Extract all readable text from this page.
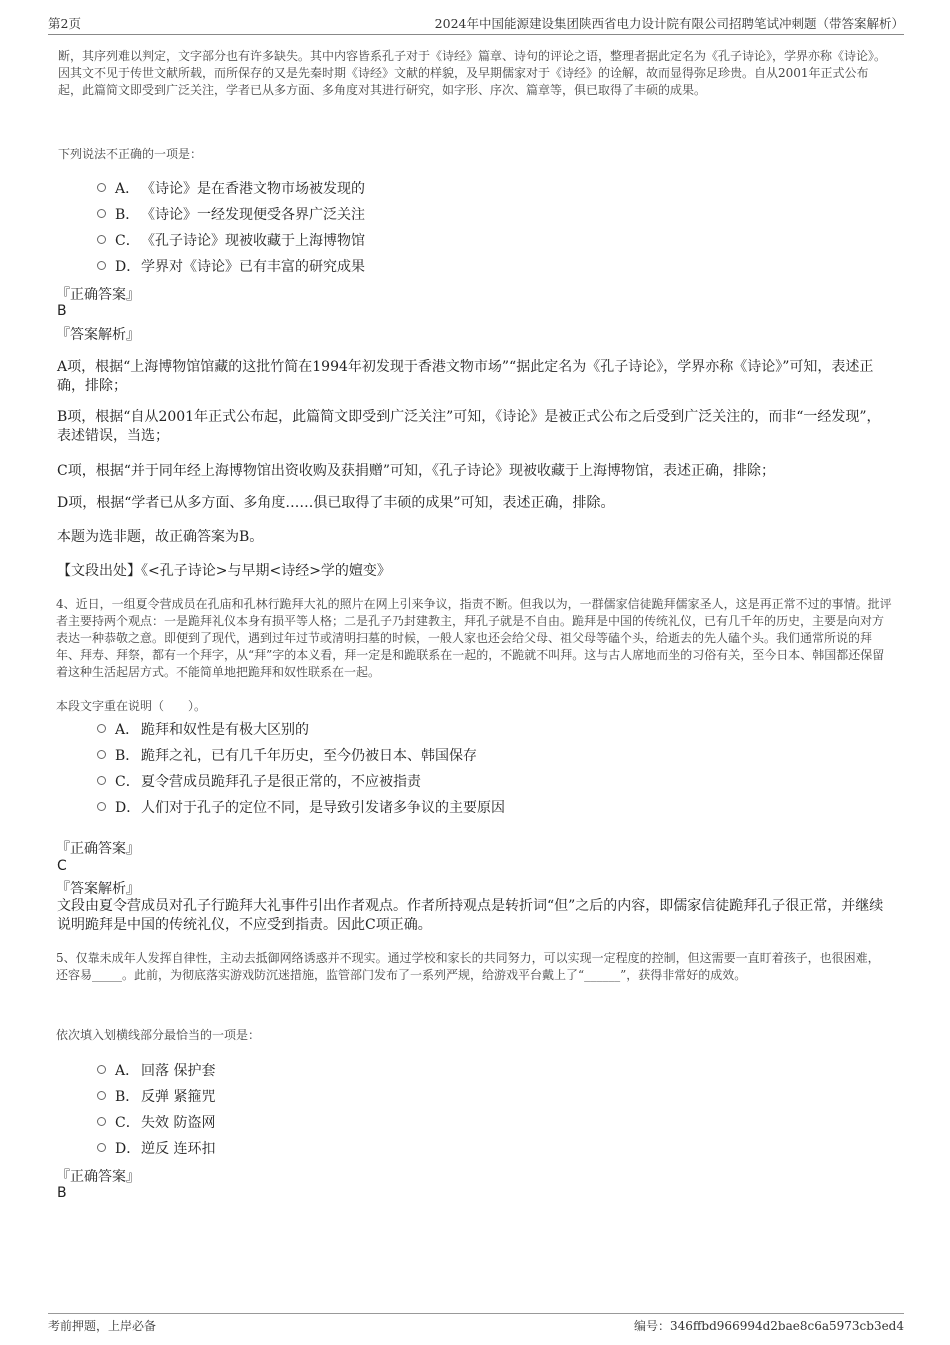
第2页	2024年中国能源建设集团陕西省电力设计院有限公司招聘笔试冲刺题（带答案解析）
断，其序列难以判定，文字部分也有许多缺失。其中内容皆系孔子对于《诗经》篇章、诗句的评论之语，整理者据此定名为《孔子诗论》，学界亦称《诗论》。因其文不见于传世文献所载，而所保存的又是先秦时期《诗经》文献的样貌，及早期儒家对于《诗经》的诠解，故而显得弥足珍贵。自从2001年正式公布起，此篇简文即受到广泛关注，学者已从多方面、多角度对其进行研究，如字形、序次、篇章等，俱已取得了丰硕的成果。
下列说法不正确的一项是：
A． 《诗论》是在香港文物市场被发现的
B． 《诗论》一经发现便受各界广泛关注
C．《孔子诗论》现被收藏于上海博物馆
D．学界对《诗论》已有丰富的研究成果
『正确答案』
B
『答案解析』
A项，根据“上海博物馆馆藏的这批竹简在1994年初发现于香港文物市场”“据此定名为《孔子诗论》，学界亦称《诗论》”可知，表述正确，排除；
B项，根据“自从2001年正式公布起，此篇简文即受到广泛关注”可知，《诗论》是被正式公布之后受到广泛关注的，而非“一经发现”，表述错误，当选；
C项，根据“并于同年经上海博物馆出资收购及获捐赠”可知，《孔子诗论》现被收藏于上海博物馆，表述正确，排除；
D项，根据“学者已从多方面、多角度……俱已取得了丰硕的成果”可知，表述正确，排除。
本题为选非题，故正确答案为B。
【文段出处】《<孔子诗论>与早期<诗经>学的嬗变》
4、近日，一组夏令营成员在孔庙和孔林行跪拜大礼的照片在网上引来争议，指责不断。但我以为，一群儒家信徒跪拜儒家圣人，这是再正常不过的事情。批评者主要持两个观点：一是跪拜礼仪本身有损平等人格；二是孔子乃封建教主，拜孔子就是不自由。跪拜是中国的传统礼仪，已有几千年的历史，主要是向对方表达一种恭敬之意。即便到了现代，遇到过年过节或清明扫墓的时候，一般人家也还会给父母、祖父母等磕个头，给逝去的先人磕个头。我们通常所说的拜年、拜寿、拜祭，都有一个拜字，从“拜”字的本义看，拜一定是和跪联系在一起的，不跪就不叫拜。这与古人席地而坐的习俗有关，至今日本、韩国都还保留着这种生活起居方式。不能简单地把跪拜和奴性联系在一起。
本段文字重在说明（　　）。
A． 跪拜和奴性是有极大区别的
B． 跪拜之礼，已有几千年历史，至今仍被日本、韩国保存
C．夏令营成员跪拜孔子是很正常的，不应被指责
D．人们对于孔子的定位不同，是导致引发诸多争议的主要原因
『正确答案』
C
『答案解析』
文段由夏令营成员对孔子行跪拜大礼事件引出作者观点。作者所持观点是转折词“但”之后的内容，即儒家信徒跪拜孔子很正常，并继续说明跪拜是中国的传统礼仪，不应受到指责。因此C项正确。
5、仅靠未成年人发挥自律性，主动去抵御网络诱惑并不现实。通过学校和家长的共同努力，可以实现一定程度的控制，但这需要一直盯着孩子，也很困难，还容易_____。此前，为彻底落实游戏防沉迷措施，监管部门发布了一系列严规，给游戏平台戴上了“______”，获得非常好的成效。
依次填入划横线部分最恰当的一项是：
A． 回落 保护套
B． 反弹 紧箍咒
C．失效 防盗网
D．逆反 连环扣
『正确答案』
B
考前押题，上岸必备	编号：346ffbd966994d2bae8c6a5973cb3ed4
